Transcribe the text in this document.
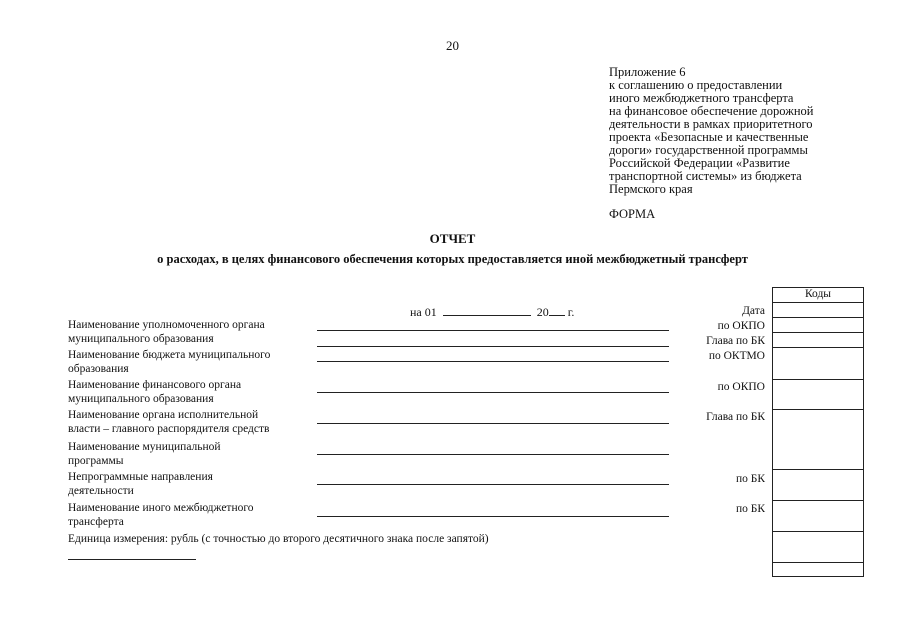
20
Приложение 6
к соглашению о предоставлении
иного межбюджетного трансферта
на финансовое обеспечение дорожной
деятельности в рамках приоритетного
проекта «Безопасные и качественные
дороги» государственной программы
Российской Федерации «Развитие
транспортной системы» из бюджета
Пермского края
ФОРМА
ОТЧЕТ
о расходах, в целях финансового обеспечения которых предоставляется иной межбюджетный трансферт
Коды
на 01	20 г.	Дата
по ОКПО
Глава по БК
по ОКТМО
по ОКПО
Глава по БК
по БК
по БК
Наименование уполномоченного органа
муниципального образования
Наименование бюджета муниципального
образования
Наименование финансового органа
муниципального образования
Наименование органа исполнительной
власти – главного распорядителя средств
Наименование муниципальной
программы
Непрограммные направления
деятельности
Наименование иного межбюджетного
трансферта
Единица измерения: рубль (с точностью до второго десятичного знака после запятой)
